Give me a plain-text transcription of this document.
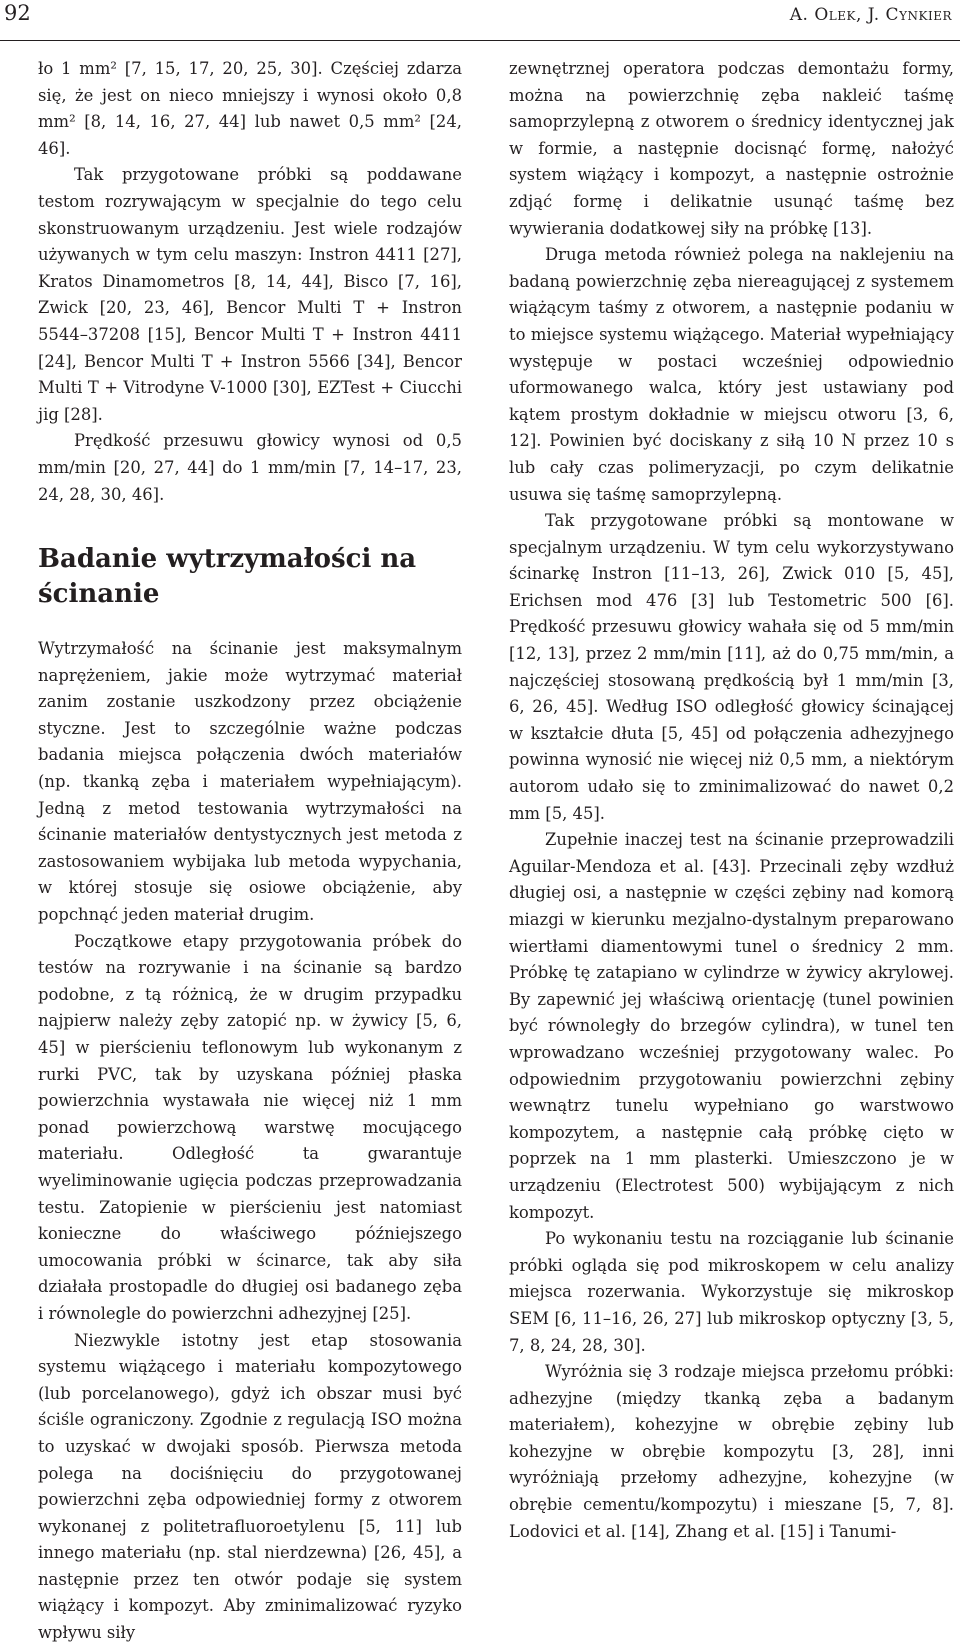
92	A. Olek, J. Cynkier

ło 1 mm² [7, 15, 17, 20, 25, 30]. Częściej zdarza się, że jest on nieco mniejszy i wynosi około 0,8 mm² [8, 14, 16, 27, 44] lub nawet 0,5 mm² [24, 46].

Tak przygotowane próbki są poddawane testom rozrywającym w specjalnie do tego celu skonstruowanym urządzeniu. Jest wiele rodzajów używanych w tym celu maszyn: Instron 4411 [27], Kratos Dinamometros [8, 14, 44], Bisco [7, 16], Zwick [20, 23, 46], Bencor Multi T + Instron 5544–37208 [15], Bencor Multi T + Instron 4411 [24], Bencor Multi T + Instron 5566 [34], Bencor Multi T + Vitrodyne V-1000 [30], EZTest + Ciucchi jig [28].

Prędkość przesuwu głowicy wynosi od 0,5 mm/min [20, 27, 44] do 1 mm/min [7, 14–17, 23, 24, 28, 30, 46].

Badanie wytrzymałości na ścinanie

Wytrzymałość na ścinanie jest maksymalnym naprężeniem, jakie może wytrzymać materiał zanim zostanie uszkodzony przez obciążenie styczne. Jest to szczególnie ważne podczas badania miejsca połączenia dwóch materiałów (np. tkanką zęba i materiałem wypełniającym). Jedną z metod testowania wytrzymałości na ścinanie materiałów dentystycznych jest metoda z zastosowaniem wybijaka lub metoda wypychania, w której stosuje się osiowe obciążenie, aby popchnąć jeden materiał drugim.

Początkowe etapy przygotowania próbek do testów na rozrywanie i na ścinanie są bardzo podobne, z tą różnicą, że w drugim przypadku najpierw należy zęby zatopić np. w żywicy [5, 6, 45] w pierścieniu teflonowym lub wykonanym z rurki PVC, tak by uzyskana później płaska powierzchnia wystawała nie więcej niż 1 mm ponad powierzchową warstwę mocującego materiału. Odległość ta gwarantuje wyeliminowanie ugięcia podczas przeprowadzania testu. Zatopienie w pierścieniu jest natomiast konieczne do właściwego późniejszego umocowania próbki w ścinarce, tak aby siła działała prostopadle do długiej osi badanego zęba i równolegle do powierzchni adhezyjnej [25].

Niezwykle istotny jest etap stosowania systemu wiążącego i materiału kompozytowego (lub porcelanowego), gdyż ich obszar musi być ściśle ograniczony. Zgodnie z regulacją ISO można to uzyskać w dwojaki sposób. Pierwsza metoda polega na dociśnięciu do przygotowanej powierzchni zęba odpowiedniej formy z otworem wykonanej z politetrafluoroetylenu [5, 11] lub innego materiału (np. stal nierdzewna) [26, 45], a następnie przez ten otwór podaje się system wiążący i kompozyt. Aby zminimalizować ryzyko wpływu siły

zewnętrznej operatora podczas demontażu formy, można na powierzchnię zęba nakleić taśmę samoprzylepną z otworem o średnicy identycznej jak w formie, a następnie docisnąć formę, nałożyć system wiążący i kompozyt, a następnie ostrożnie zdjąć formę i delikatnie usunąć taśmę bez wywierania dodatkowej siły na próbkę [13].

Druga metoda również polega na naklejeniu na badaną powierzchnię zęba niereagującej z systemem wiążącym taśmy z otworem, a następnie podaniu w to miejsce systemu wiążącego. Materiał wypełniający występuje w postaci wcześniej odpowiednio uformowanego walca, który jest ustawiany pod kątem prostym dokładnie w miejscu otworu [3, 6, 12]. Powinien być dociskany z siłą 10 N przez 10 s lub cały czas polimeryzacji, po czym delikatnie usuwa się taśmę samoprzylepną.

Tak przygotowane próbki są montowane w specjalnym urządzeniu. W tym celu wykorzystywano ścinarkę Instron [11–13, 26], Zwick 010 [5, 45], Erichsen mod 476 [3] lub Testometric 500 [6]. Prędkość przesuwu głowicy wahała się od 5 mm/min [12, 13], przez 2 mm/min [11], aż do 0,75 mm/min, a najczęściej stosowaną prędkością był 1 mm/min [3, 6, 26, 45]. Według ISO odległość głowicy ścinającej w kształcie dłuta [5, 45] od połączenia adhezyjnego powinna wynosić nie więcej niż 0,5 mm, a niektórym autorom udało się to zminimalizować do nawet 0,2 mm [5, 45].

Zupełnie inaczej test na ścinanie przeprowadzili Aguilar-Mendoza et al. [43]. Przecinali zęby wzdłuż długiej osi, a następnie w części zębiny nad komorą miazgi w kierunku mezjalno-dystalnym preparowano wiertłami diamentowymi tunel o średnicy 2 mm. Próbkę tę zatapiano w cylindrze w żywicy akrylowej. By zapewnić jej właściwą orientację (tunel powinien być równoległy do brzegów cylindra), w tunel ten wprowadzano wcześniej przygotowany walec. Po odpowiednim przygotowaniu powierzchni zębiny wewnątrz tunelu wypełniano go warstwowo kompozytem, a następnie całą próbkę cięto w poprzek na 1 mm plasterki. Umieszczono je w urządzeniu (Electrotest 500) wybijającym z nich kompozyt.

Po wykonaniu testu na rozciąganie lub ścinanie próbki ogląda się pod mikroskopem w celu analizy miejsca rozerwania. Wykorzystuje się mikroskop SEM [6, 11–16, 26, 27] lub mikroskop optyczny [3, 5, 7, 8, 24, 28, 30].

Wyróżnia się 3 rodzaje miejsca przełomu próbki: adhezyjne (między tkanką zęba a badanym materiałem), kohezyjne w obrębie zębiny lub kohezyjne w obrębie kompozytu [3, 28], inni wyróżniają przełomy adhezyjne, kohezyjne (w obrębie cementu/kompozytu) i mieszane [5, 7, 8]. Lodovici et al. [14], Zhang et al. [15] i Tanumi-
